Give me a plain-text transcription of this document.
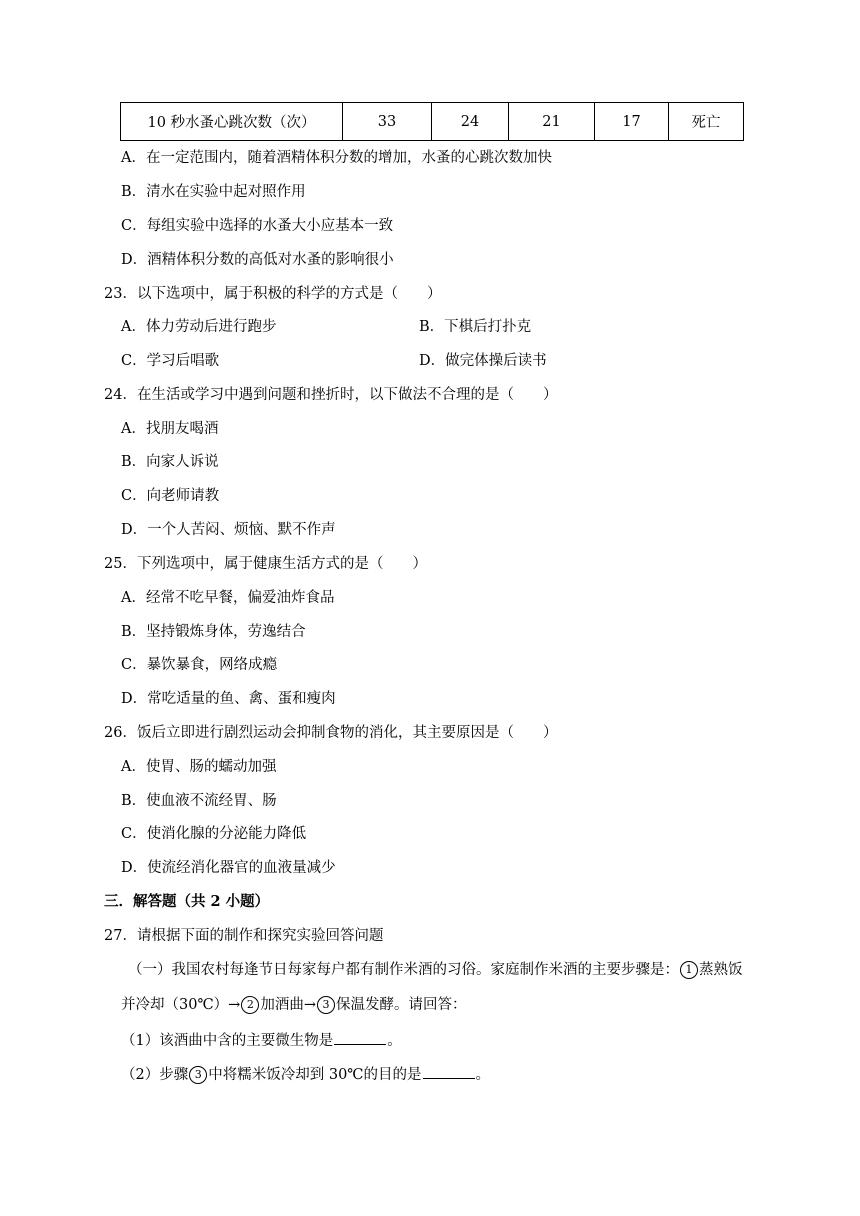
10 秒水蚤心跳次数（次）	33	24	21	17	死亡
A．在一定范围内，随着酒精体积分数的增加，水蚤的心跳次数加快
B．清水在实验中起对照作用
C．每组实验中选择的水蚤大小应基本一致
D．酒精体积分数的高低对水蚤的影响很小
23．以下选项中，属于积极的科学的方式是（　　）
A．体力劳动后进行跑步	B．下棋后打扑克
C．学习后唱歌	D．做完体操后读书
24．在生活或学习中遇到问题和挫折时，以下做法不合理的是（　　）
A．找朋友喝酒
B．向家人诉说
C．向老师请教
D．一个人苦闷、烦恼、默不作声
25．下列选项中，属于健康生活方式的是（　　）
A．经常不吃早餐，偏爱油炸食品
B．坚持锻炼身体，劳逸结合
C．暴饮暴食，网络成瘾
D．常吃适量的鱼、禽、蛋和瘦肉
26．饭后立即进行剧烈运动会抑制食物的消化，其主要原因是（　　）
A．使胃、肠的蠕动加强
B．使血液不流经胃、肠
C．使消化腺的分泌能力降低
D．使流经消化器官的血液量减少
三．解答题（共 2 小题）
27．请根据下面的制作和探究实验回答问题
（一）我国农村每逢节日每家每户都有制作米酒的习俗。家庭制作米酒的主要步骤是： 1 蒸熟饭
并冷却（30℃）→ 2 加酒曲→ 3 保温发酵。请回答：
（1）该酒曲中含的主要微生物是	。
（2）步骤 3 中将糯米饭冷却到 30℃的目的是	。
